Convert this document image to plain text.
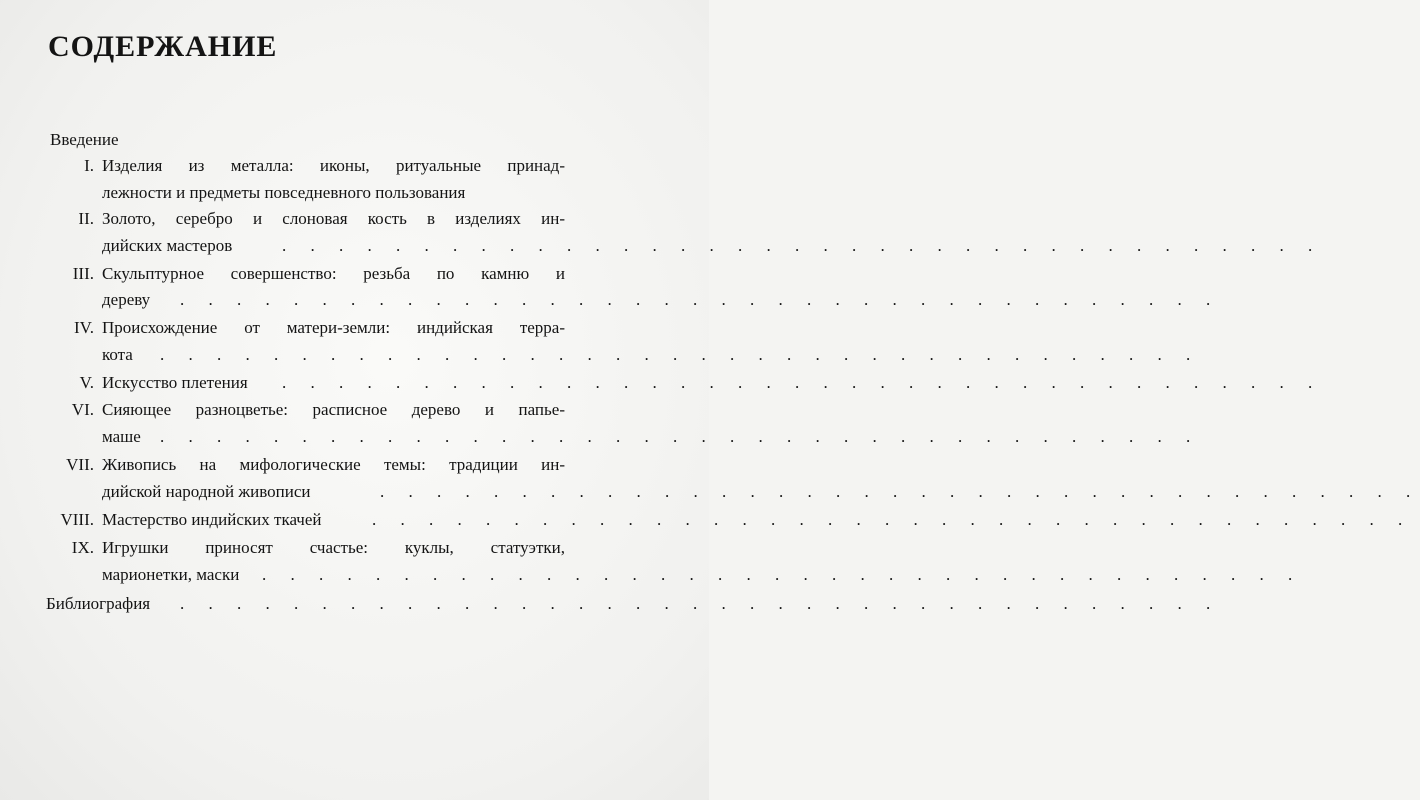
СОДЕРЖАНИЕ
Введение
I. Изделия из металла: иконы, ритуальные принад-
лежности и предметы повседневного пользования
II. Золото, серебро и слоновая кость в изделиях ин-
дийских мастеров	. . . . . . . . . . . . . . . . . . . . . . . . . . . . . . . . . . . . .
III. Скульптурное совершенство: резьба по камню и
дереву . . . . . . . . . . . . . . . . . . . . . . . . . . . . . . . . . . . . .
IV. Происхождение от матери-земли: индийская терра-
кота . . . . . . . . . . . . . . . . . . . . . . . . . . . . . . . . . . . . .
V. Искусство плетения . . . . . . . . . . . . . . . . . . . . . . . . . . . . . . . . . . . . .
VI. Сияющее разноцветье: расписное дерево и папье-
маше . . . . . . . . . . . . . . . . . . . . . . . . . . . . . . . . . . . . .
VII. Живопись на мифологические темы: традиции ин-
дийской народной живописи	. . . . . . . . . . . . . . . . . . . . . . . . . . . . . . . . . . . . .
VIII. Мастерство индийских ткачей	. . . . . . . . . . . . . . . . . . . . . . . . . . . . . . . . . . . . .
IX. Игрушки приносят счастье: куклы, статуэтки,
марионетки, маски . . . . . . . . . . . . . . . . . . . . . . . . . . . . . . . . . . . . .
Библиография . . . . . . . . . . . . . . . . . . . . . . . . . . . . . . . . . . . . .
